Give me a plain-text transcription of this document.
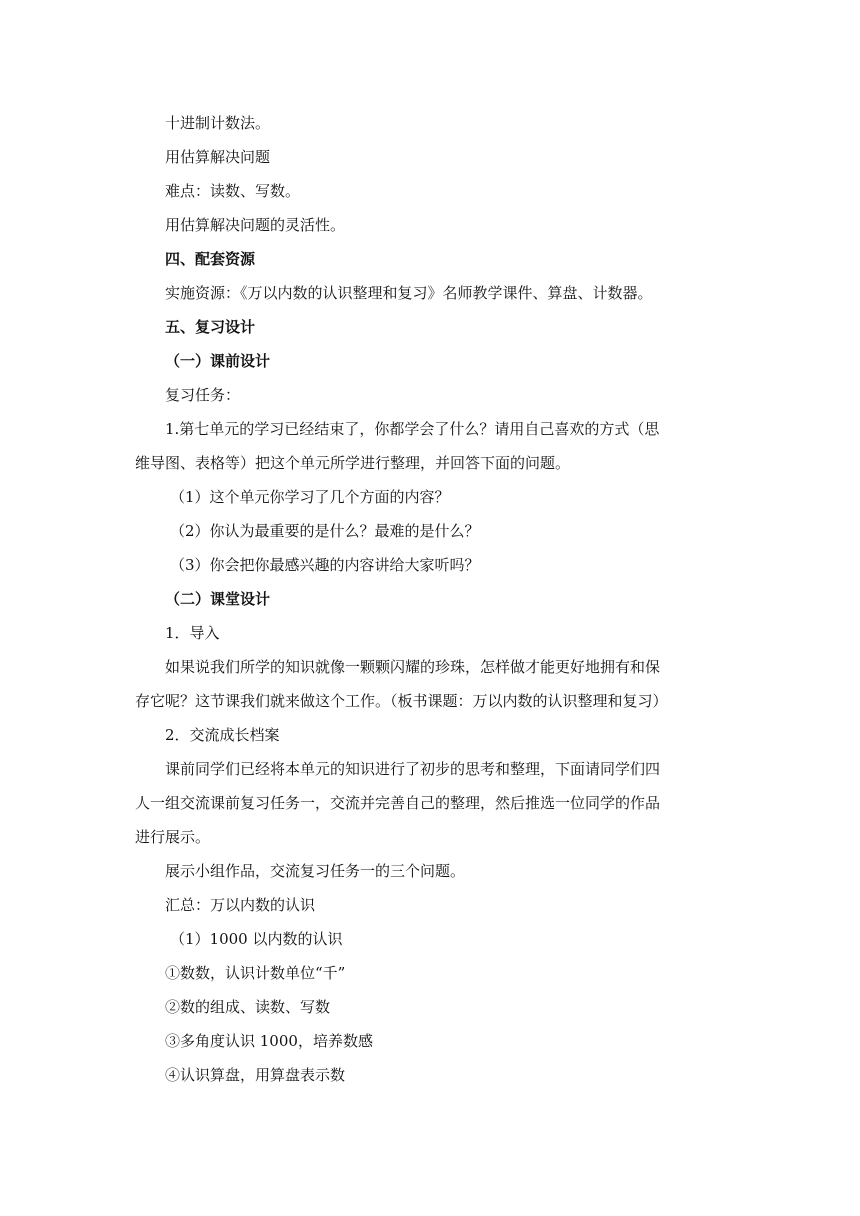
十进制计数法。

用估算解决问题

难点：读数、写数。

用估算解决问题的灵活性。

四、配套资源

实施资源：《万以内数的认识整理和复习》名师教学课件、算盘、计数器。

五、复习设计

（一）课前设计

复习任务：

1.第七单元的学习已经结束了，你都学会了什么？请用自己喜欢的方式（思

维导图、表格等）把这个单元所学进行整理，并回答下面的问题。

（1）这个单元你学习了几个方面的内容？

（2）你认为最重要的是什么？最难的是什么？

（3）你会把你最感兴趣的内容讲给大家听吗？

（二）课堂设计

1．导入

如果说我们所学的知识就像一颗颗闪耀的珍珠，怎样做才能更好地拥有和保

存它呢？这节课我们就来做这个工作。（板书课题：万以内数的认识整理和复习）

2．交流成长档案

课前同学们已经将本单元的知识进行了初步的思考和整理，下面请同学们四

人一组交流课前复习任务一，交流并完善自己的整理，然后推选一位同学的作品

进行展示。

展示小组作品，交流复习任务一的三个问题。

汇总：万以内数的认识

（1）1000 以内数的认识

①数数，认识计数单位“千”

②数的组成、读数、写数

③多角度认识 1000，培养数感

④认识算盘，用算盘表示数
